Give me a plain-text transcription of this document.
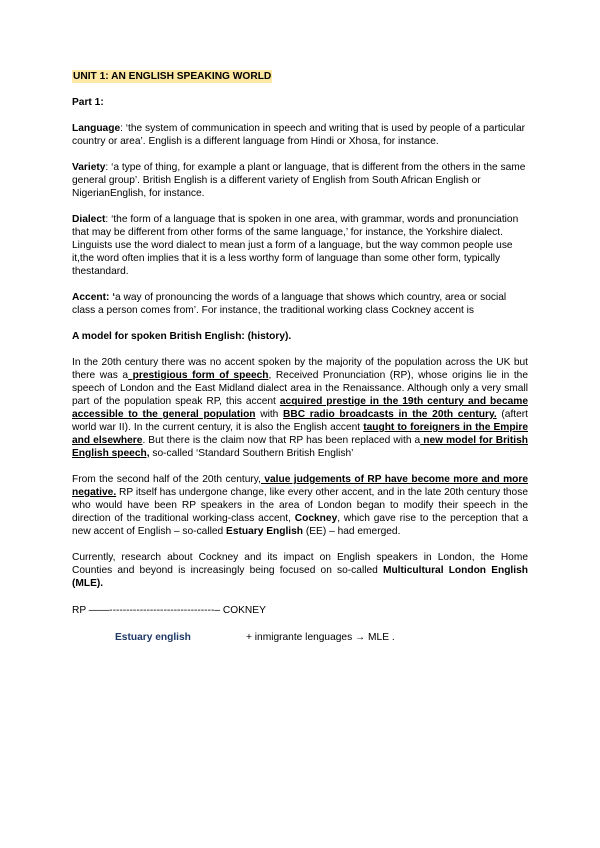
UNIT 1: AN ENGLISH SPEAKING WORLD

Part 1:

Language: ‘the system of communication in speech and writing that is used by people of a particular country or area’. English is a different language from Hindi or Xhosa, for instance.

Variety: ‘a type of thing, for example a plant or language, that is different from the others in the same general group’. British English is a different variety of English from South African English or NigerianEnglish, for instance.

Dialect: ‘the form of a language that is spoken in one area, with grammar, words and pronunciation that may be different from other forms of the same language,’ for instance, the Yorkshire dialect. Linguists use the word dialect to mean just a form of a language, but the way common people use it,the word often implies that it is a less worthy form of language than some other form, typically thestandard.

Accent: ‘a way of pronouncing the words of a language that shows which country, area or social class a person comes from’. For instance, the traditional working class Cockney accent is

A model for spoken British English: (history).

In the 20th century there was no accent spoken by the majority of the population across the UK but there was a prestigious form of speech, Received Pronunciation (RP), whose origins lie in the speech of London and the East Midland dialect area in the Renaissance. Although only a very small part of the population speak RP, this accent acquired prestige in the 19th century and became accessible to the general population with BBC radio broadcasts in the 20th century. (aftert world war II). In the current century, it is also the English accent taught to foreigners in the Empire and elsewhere. But there is the claim now that RP has been replaced with a new model for British English speech, so-called ‘Standard Southern British English’

From the second half of the 20th century, value judgements of RP have become more and more negative. RP itself has undergone change, like every other accent, and in the late 20th century those who would have been RP speakers in the area of London began to modify their speech in the direction of the traditional working-class accent, Cockney, which gave rise to the perception that a new accent of English – so-called Estuary English (EE) – had emerged.

Currently, research about Cockney and its impact on English speakers in London, the Home Counties and beyond is increasingly being focused on so-called Multicultural London English (MLE).

RP ——-------------------------------– COKNEY

Estuary english	+ inmigrante lenguages → MLE .
